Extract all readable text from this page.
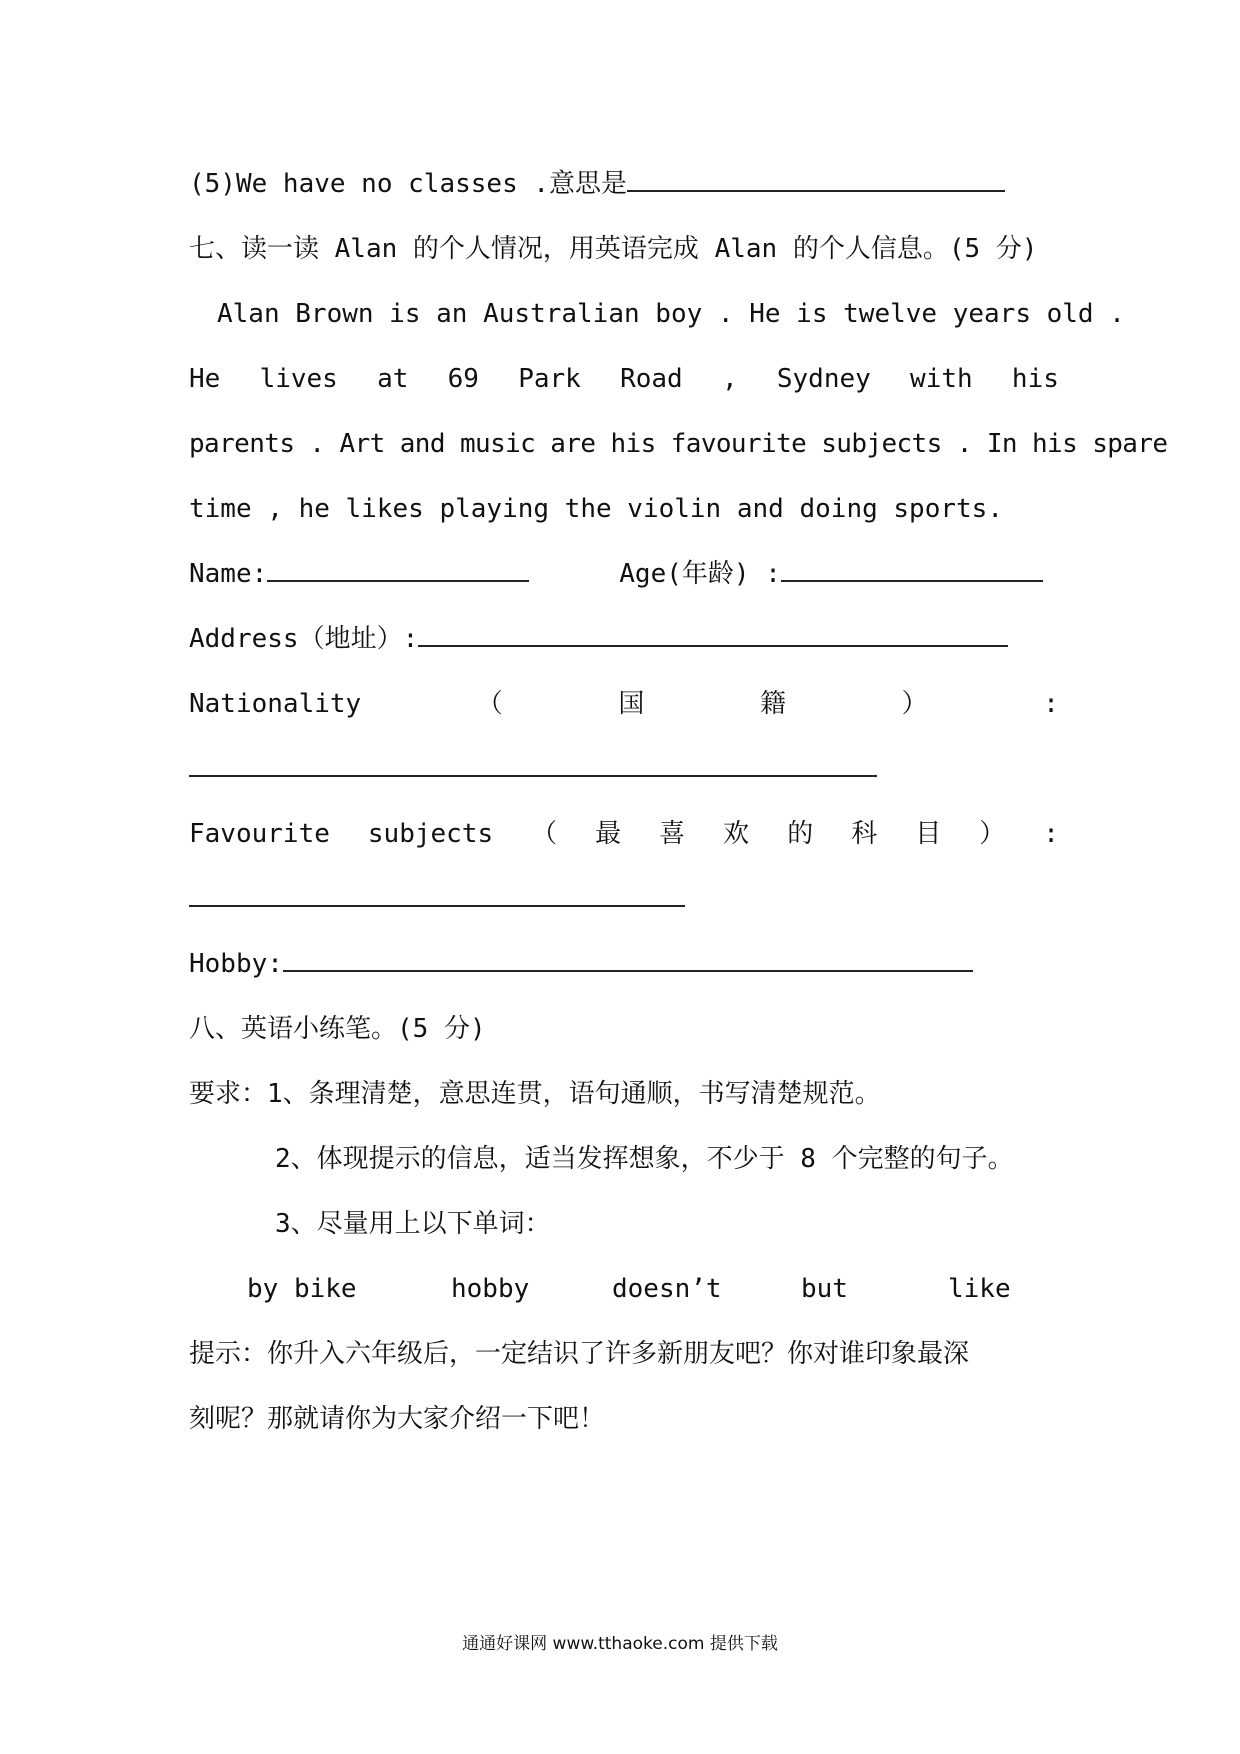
(5)We have no classes .意思是
七、读一读 Alan 的个人情况，用英语完成 Alan 的个人信息。(5 分)
Alan Brown is an Australian boy . He is twelve years old .
He lives at 69 Park Road , Sydney with his
parents . Art and music are his favourite subjects . In his spare
time , he likes playing the violin and doing sports.
Name:	Age(年龄) :
Address（地址）:
Nationality	（	国	籍	）	:
Favourite subjects （ 最 喜 欢 的 科 目 ） :
Hobby:
八、英语小练笔。(5 分)
要求：1、条理清楚，意思连贯，语句通顺，书写清楚规范。
2、体现提示的信息，适当发挥想象，不少于 8 个完整的句子。
3、尽量用上以下单词：

by bike

	hobby

	doesn’t

	but

	like

提示：你升入六年级后，一定结识了许多新朋友吧？你对谁印象最深
刻呢？那就请你为大家介绍一下吧！
通通好课网 www.tthaoke.com 提供下载
